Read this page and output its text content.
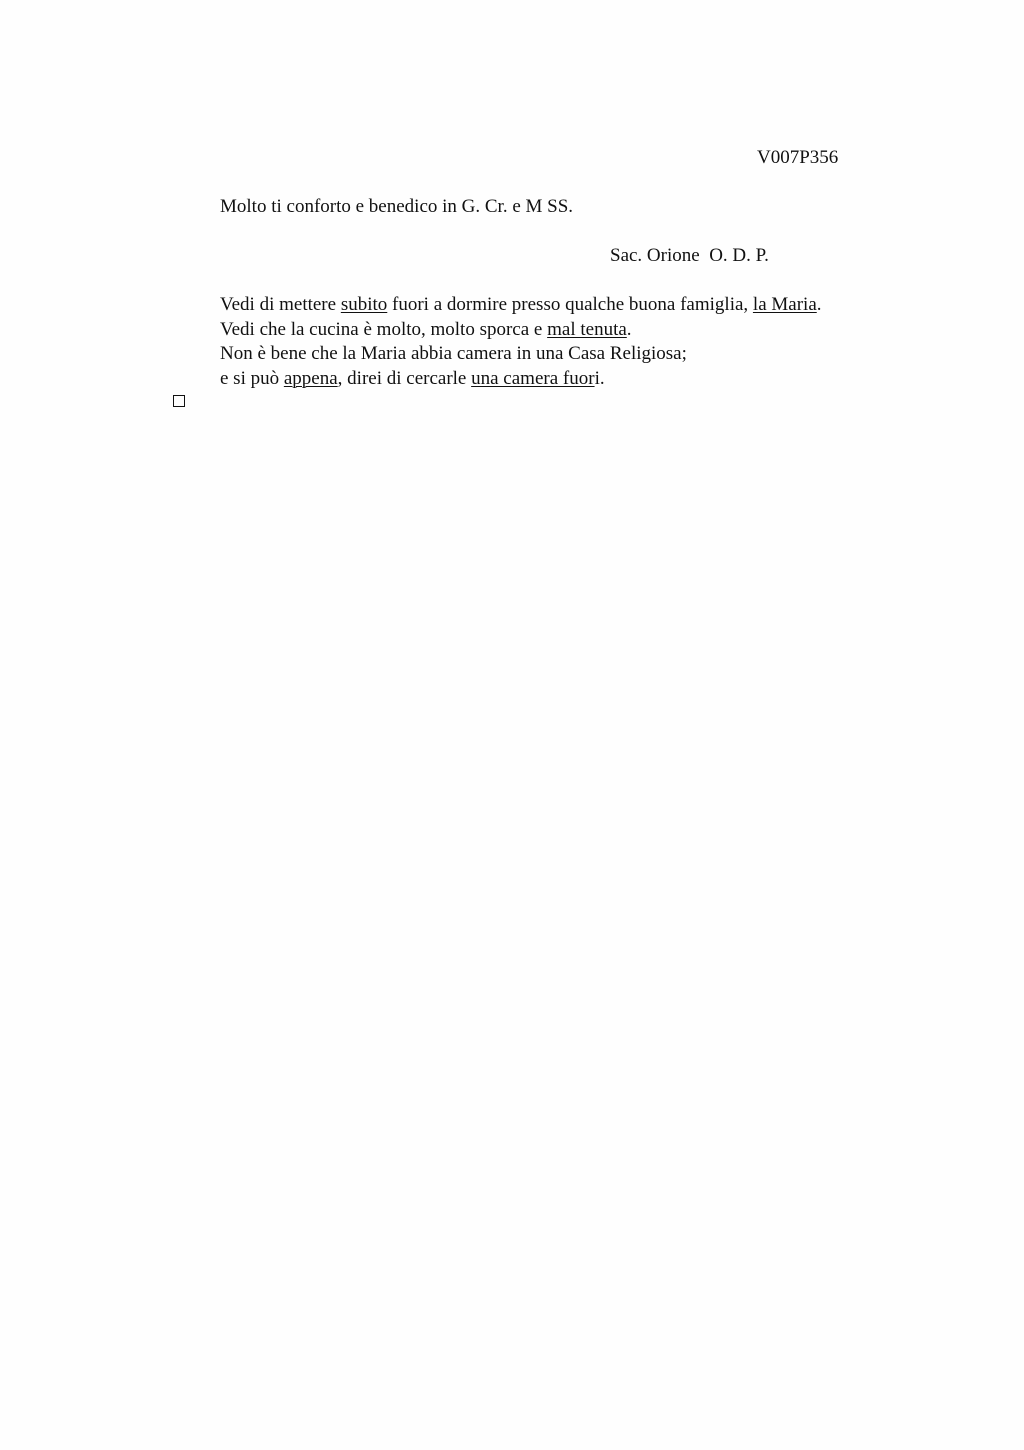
V007P356
Molto ti conforto e benedico in G. Cr. e M SS.
Sac. Orione  O. D. P.
Vedi di mettere subito fuori a dormire presso qualche buona famiglia, la Maria.
Vedi che la cucina è molto, molto sporca e mal tenuta.
Non è bene che la Maria abbia camera in una Casa Religiosa;
e si può appena, direi di cercarle una camera fuori.
